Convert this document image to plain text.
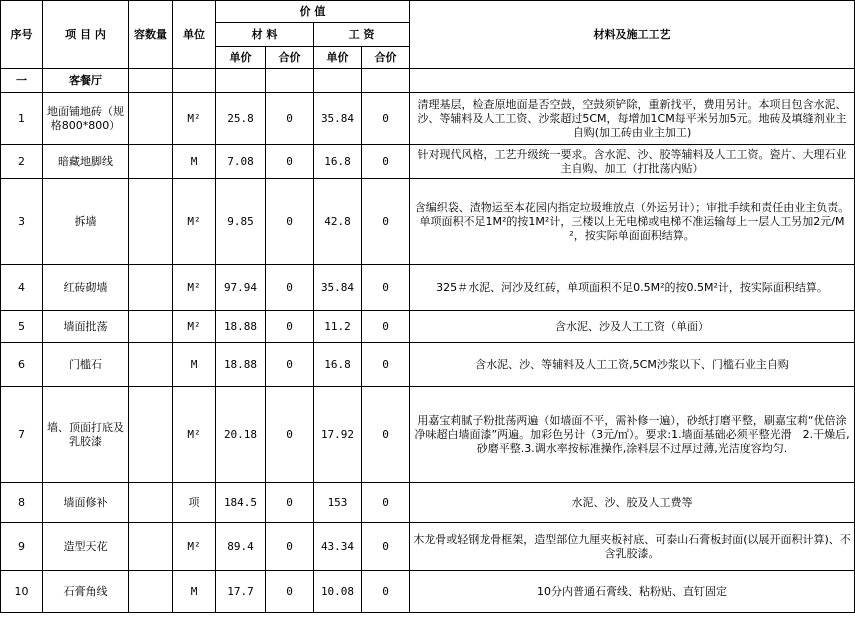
序号	项 目 内	容数量	单位	价 值				材料及施工工艺
				材 料		工 资		
				单价	合价	单价	合价	
一	客餐厅							
1	地面铺地砖（规格800*800）		M²	25.8	0	35.84	0	清理基层，检查原地面是否空鼓，空鼓须铲除，重新找平，费用另计。本项目包含水泥、沙、等辅料及人工工资、沙浆超过5CM，每增加1CM每平米另加5元。地砖及填缝剂业主自购(加工砖由业主加工)
2	暗藏地脚线		M	7.08	0	16.8	0	针对现代风格，工艺升级统一要求。含水泥、沙、胶等辅料及人工工资。瓷片、大理石业主自购、加工（打批荡内贴）
3	拆墙		M²	9.85	0	42.8	0	含编织袋、渣物运至本花园内指定垃圾堆放点（外运另计）；审批手续和责任由业主负责。单项面积不足1M²的按1M²计，三楼以上无电梯或电梯不准运输每上一层人工另加2元/M²，按实际单面面积结算。
4	红砖砌墙		M²	97.94	0	35.84	0	325＃水泥、河沙及红砖，单项面积不足0.5M²的按0.5M²计，按实际面积结算。
5	墙面批荡		M²	18.88	0	11.2	0	含水泥、沙及人工工资（单面）
6	门槛石		M	18.88	0	16.8	0	含水泥、沙、等辅料及人工工资,5CM沙浆以下、门槛石业主自购
7	墙、顶面打底及乳胶漆		M²	20.18	0	17.92	0	用嘉宝莉腻子粉批荡两遍（如墙面不平，需补修一遍），砂纸打磨平整，刷嘉宝莉“优倍涂净味超白墙面漆”两遍。加彩色另计（3元/㎡）。要求:1.墙面基础必须平整光滑　2.干燥后,砂磨平整.3.调水率按标准操作,涂料层不过厚过薄,光洁度容均匀.
8	墙面修补		项	184.5	0	153	0	水泥、沙、胶及人工费等
9	造型天花		M²	89.4	0	43.34	0	木龙骨或轻钢龙骨框架，造型部位九厘夹板衬底、可泰山石膏板封面(以展开面积计算)、不含乳胶漆。
10	石膏角线		M	17.7	0	10.08	0	10分内普通石膏线、粘粉贴、直钉固定
